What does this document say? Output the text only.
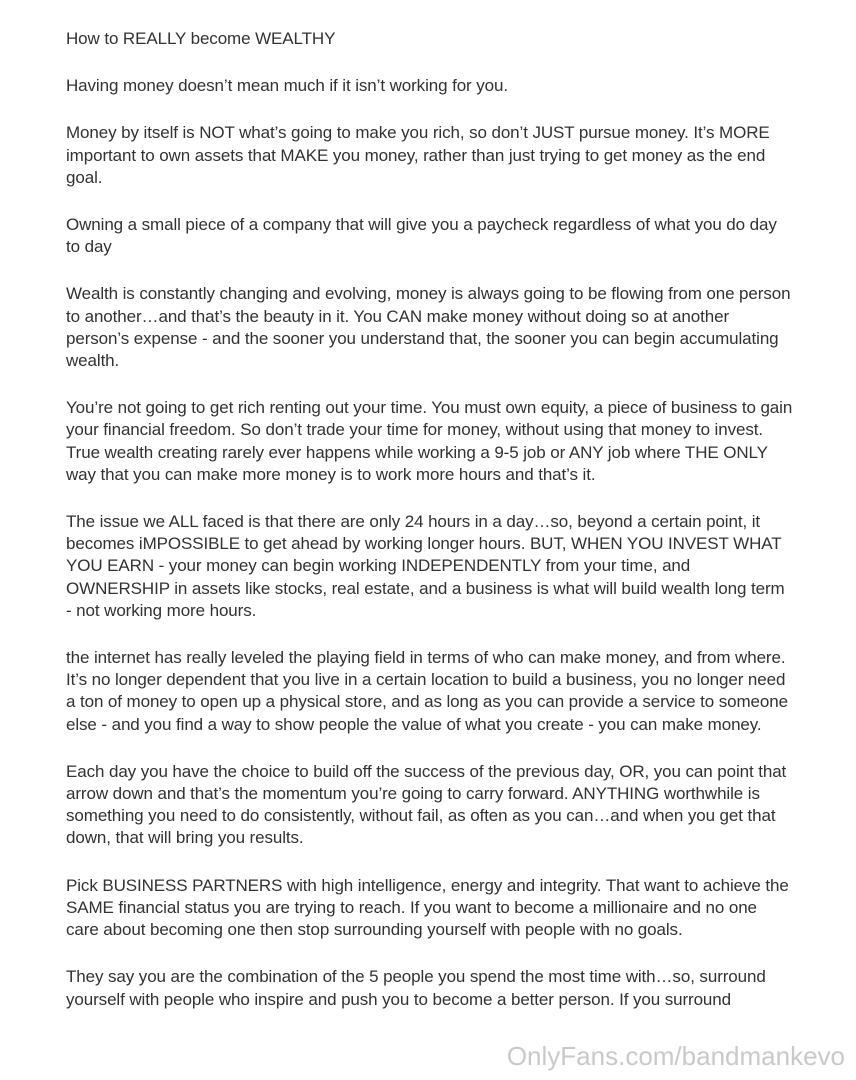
How to REALLY become WEALTHY

Having money doesn’t mean much if it isn’t working for you.

Money by itself is NOT what’s going to make you rich, so don’t JUST pursue money. It’s MORE important to own assets that MAKE you money, rather than just trying to get money as the end goal.

Owning a small piece of a company that will give you a paycheck regardless of what you do day to day

Wealth is constantly changing and evolving, money is always going to be flowing from one person to another…and that’s the beauty in it. You CAN make money without doing so at another person’s expense - and the sooner you understand that, the sooner you can begin accumulating wealth.

You’re not going to get rich renting out your time. You must own equity, a piece of business to gain your financial freedom. So don’t trade your time for money, without using that money to invest. True wealth creating rarely ever happens while working a 9-5 job or ANY job where THE ONLY way that you can make more money is to work more hours and that’s it.

The issue we ALL faced is that there are only 24 hours in a day…so, beyond a certain point, it becomes iMPOSSIBLE to get ahead by working longer hours. BUT, WHEN YOU INVEST WHAT YOU EARN - your money can begin working INDEPENDENTLY from your time, and OWNERSHIP in assets like stocks, real estate, and a business is what will build wealth long term - not working more hours.

the internet has really leveled the playing field in terms of who can make money, and from where. It’s no longer dependent that you live in a certain location to build a business, you no longer need a ton of money to open up a physical store, and as long as you can provide a service to someone else - and you find a way to show people the value of what you create - you can make money.

Each day you have the choice to build off the success of the previous day, OR, you can point that arrow down and that’s the momentum you’re going to carry forward. ANYTHING worthwhile is something you need to do consistently, without fail, as often as you can…and when you get that down, that will bring you results.

Pick BUSINESS PARTNERS with high intelligence, energy and integrity. That want to achieve the SAME financial status you are trying to reach. If you want to become a millionaire and no one care about becoming one then stop surrounding yourself with people with no goals.

They say you are the combination of the 5 people you spend the most time with…so, surround yourself with people who inspire and push you to become a better person. If you surround

OnlyFans.com/bandmankevo
